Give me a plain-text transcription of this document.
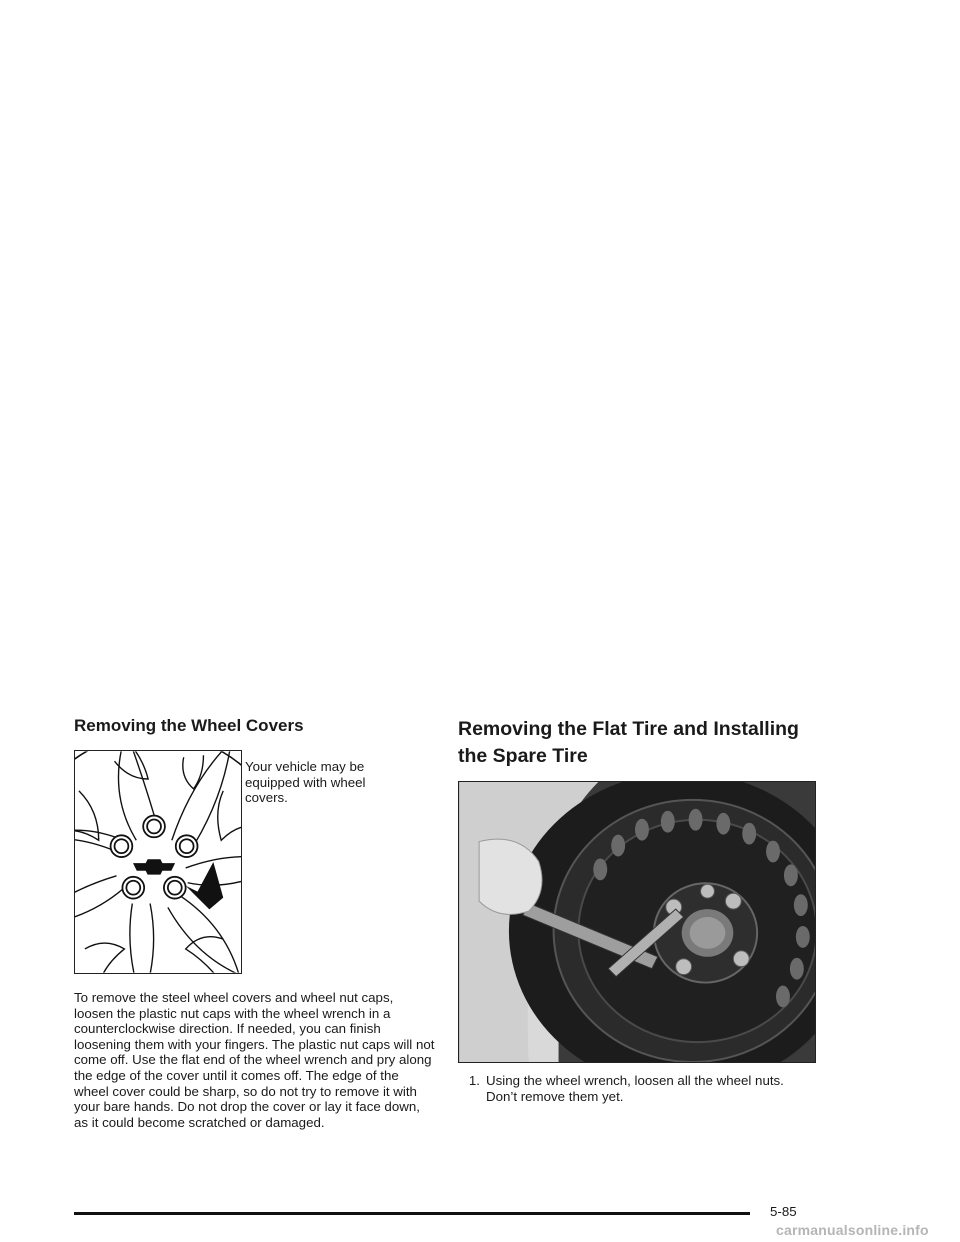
Removing the Wheel Covers
Your vehicle may be equipped with wheel covers.

To remove the steel wheel covers and wheel nut caps, loosen the plastic nut caps with the wheel wrench in a counterclockwise direction. If needed, you can finish loosening them with your fingers. The plastic nut caps will not come off. Use the flat end of the wheel wrench and pry along the edge of the cover until it comes off. The edge of the wheel cover could be sharp, so do not try to remove it with your bare hands. Do not drop the cover or lay it face down, as it could become scratched or damaged.

Removing the Flat Tire and Installing
the Spare Tire
1. Using the wheel wrench, loosen all the wheel nuts.
Don’t remove them yet.
5-85
carmanualsonline.info
